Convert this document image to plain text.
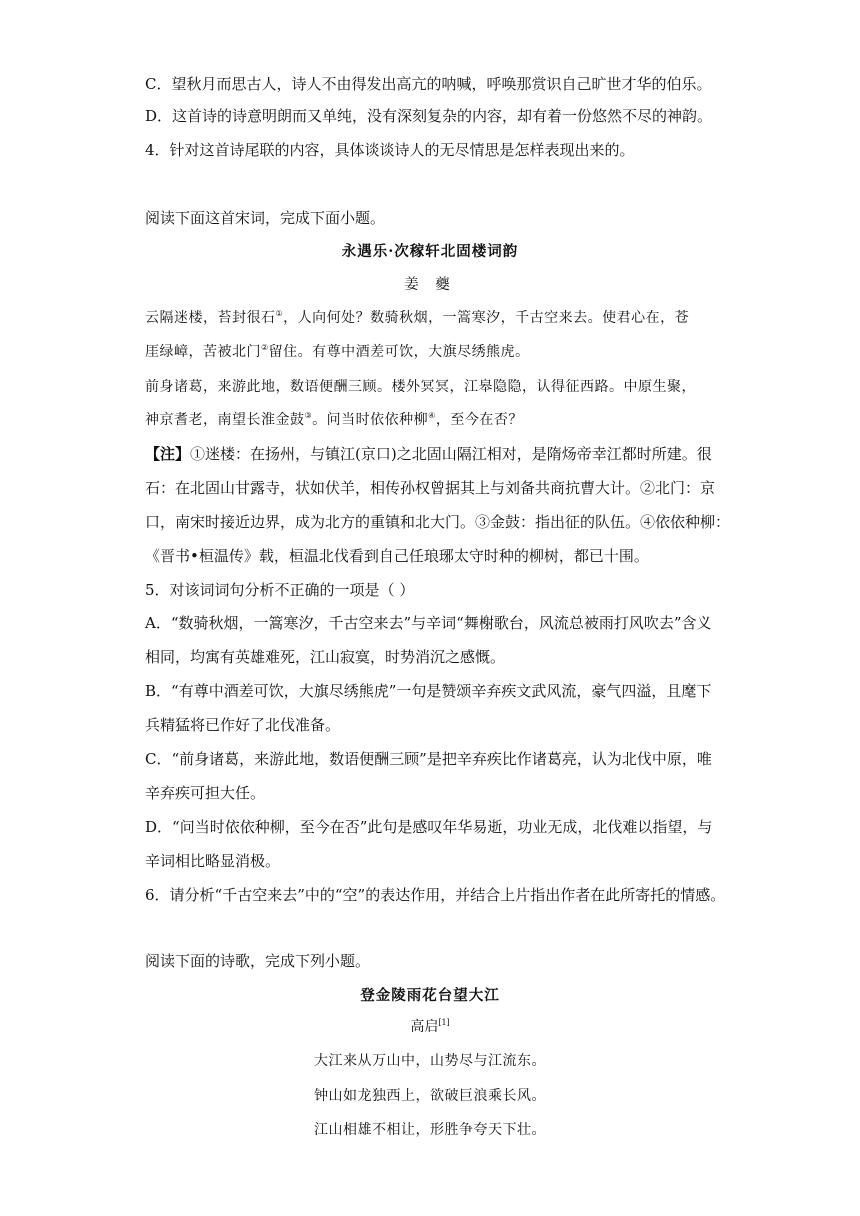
C．望秋月而思古人，诗人不由得发出高亢的呐喊，呼唤那赏识自己旷世才华的伯乐。
D．这首诗的诗意明朗而又单纯，没有深刻复杂的内容，却有着一份悠然不尽的神韵。
4．针对这首诗尾联的内容，具体谈谈诗人的无尽情思是怎样表现出来的。
阅读下面这首宋词，完成下面小题。
永遇乐·次稼轩北固楼词韵
姜 夔
云隔迷楼，苔封很石①，人向何处？数骑秋烟，一篙寒汐，千古空来去。使君心在，苍
厓绿嶂，苦被北门②留住。有尊中酒差可饮，大旗尽绣熊虎。
前身诸葛，来游此地，数语便酬三顾。楼外冥冥，江皋隐隐，认得征西路。中原生聚，
神京耆老，南望长淮金鼓③。问当时依依种柳④，至今在否？
【注】①迷楼：在扬州，与镇江(京口)之北固山隔江相对，是隋炀帝幸江都时所建。很
石：在北固山甘露寺，状如伏羊，相传孙权曾据其上与刘备共商抗曹大计。②北门：京
口，南宋时接近边界，成为北方的重镇和北大门。③金鼓：指出征的队伍。④依依种柳：
《晋书•桓温传》载，桓温北伐看到自己任琅琊太守时种的柳树，都已十围。
5．对该词词句分析不正确的一项是（ ）
A．“数骑秋烟，一篙寒汐，千古空来去”与辛词“舞榭歌台，风流总被雨打风吹去”含义
相同，均寓有英雄难死，江山寂寞，时势消沉之感慨。
B．“有尊中酒差可饮，大旗尽绣熊虎”一句是赞颂辛弃疾文武风流，豪气四溢，且麾下
兵精猛将已作好了北伐准备。
C．“前身诸葛，来游此地，数语便酬三顾”是把辛弃疾比作诸葛亮，认为北伐中原，唯
辛弃疾可担大任。
D．“问当时依依种柳，至今在否”此句是感叹年华易逝，功业无成，北伐难以指望，与
辛词相比略显消极。
6．请分析“千古空来去”中的“空”的表达作用，并结合上片指出作者在此所寄托的情感。
阅读下面的诗歌，完成下列小题。
登金陵雨花台望大江
高启[1]
大江来从万山中，山势尽与江流东。
钟山如龙独西上，欲破巨浪乘长风。
江山相雄不相让，形胜争夸天下壮。
